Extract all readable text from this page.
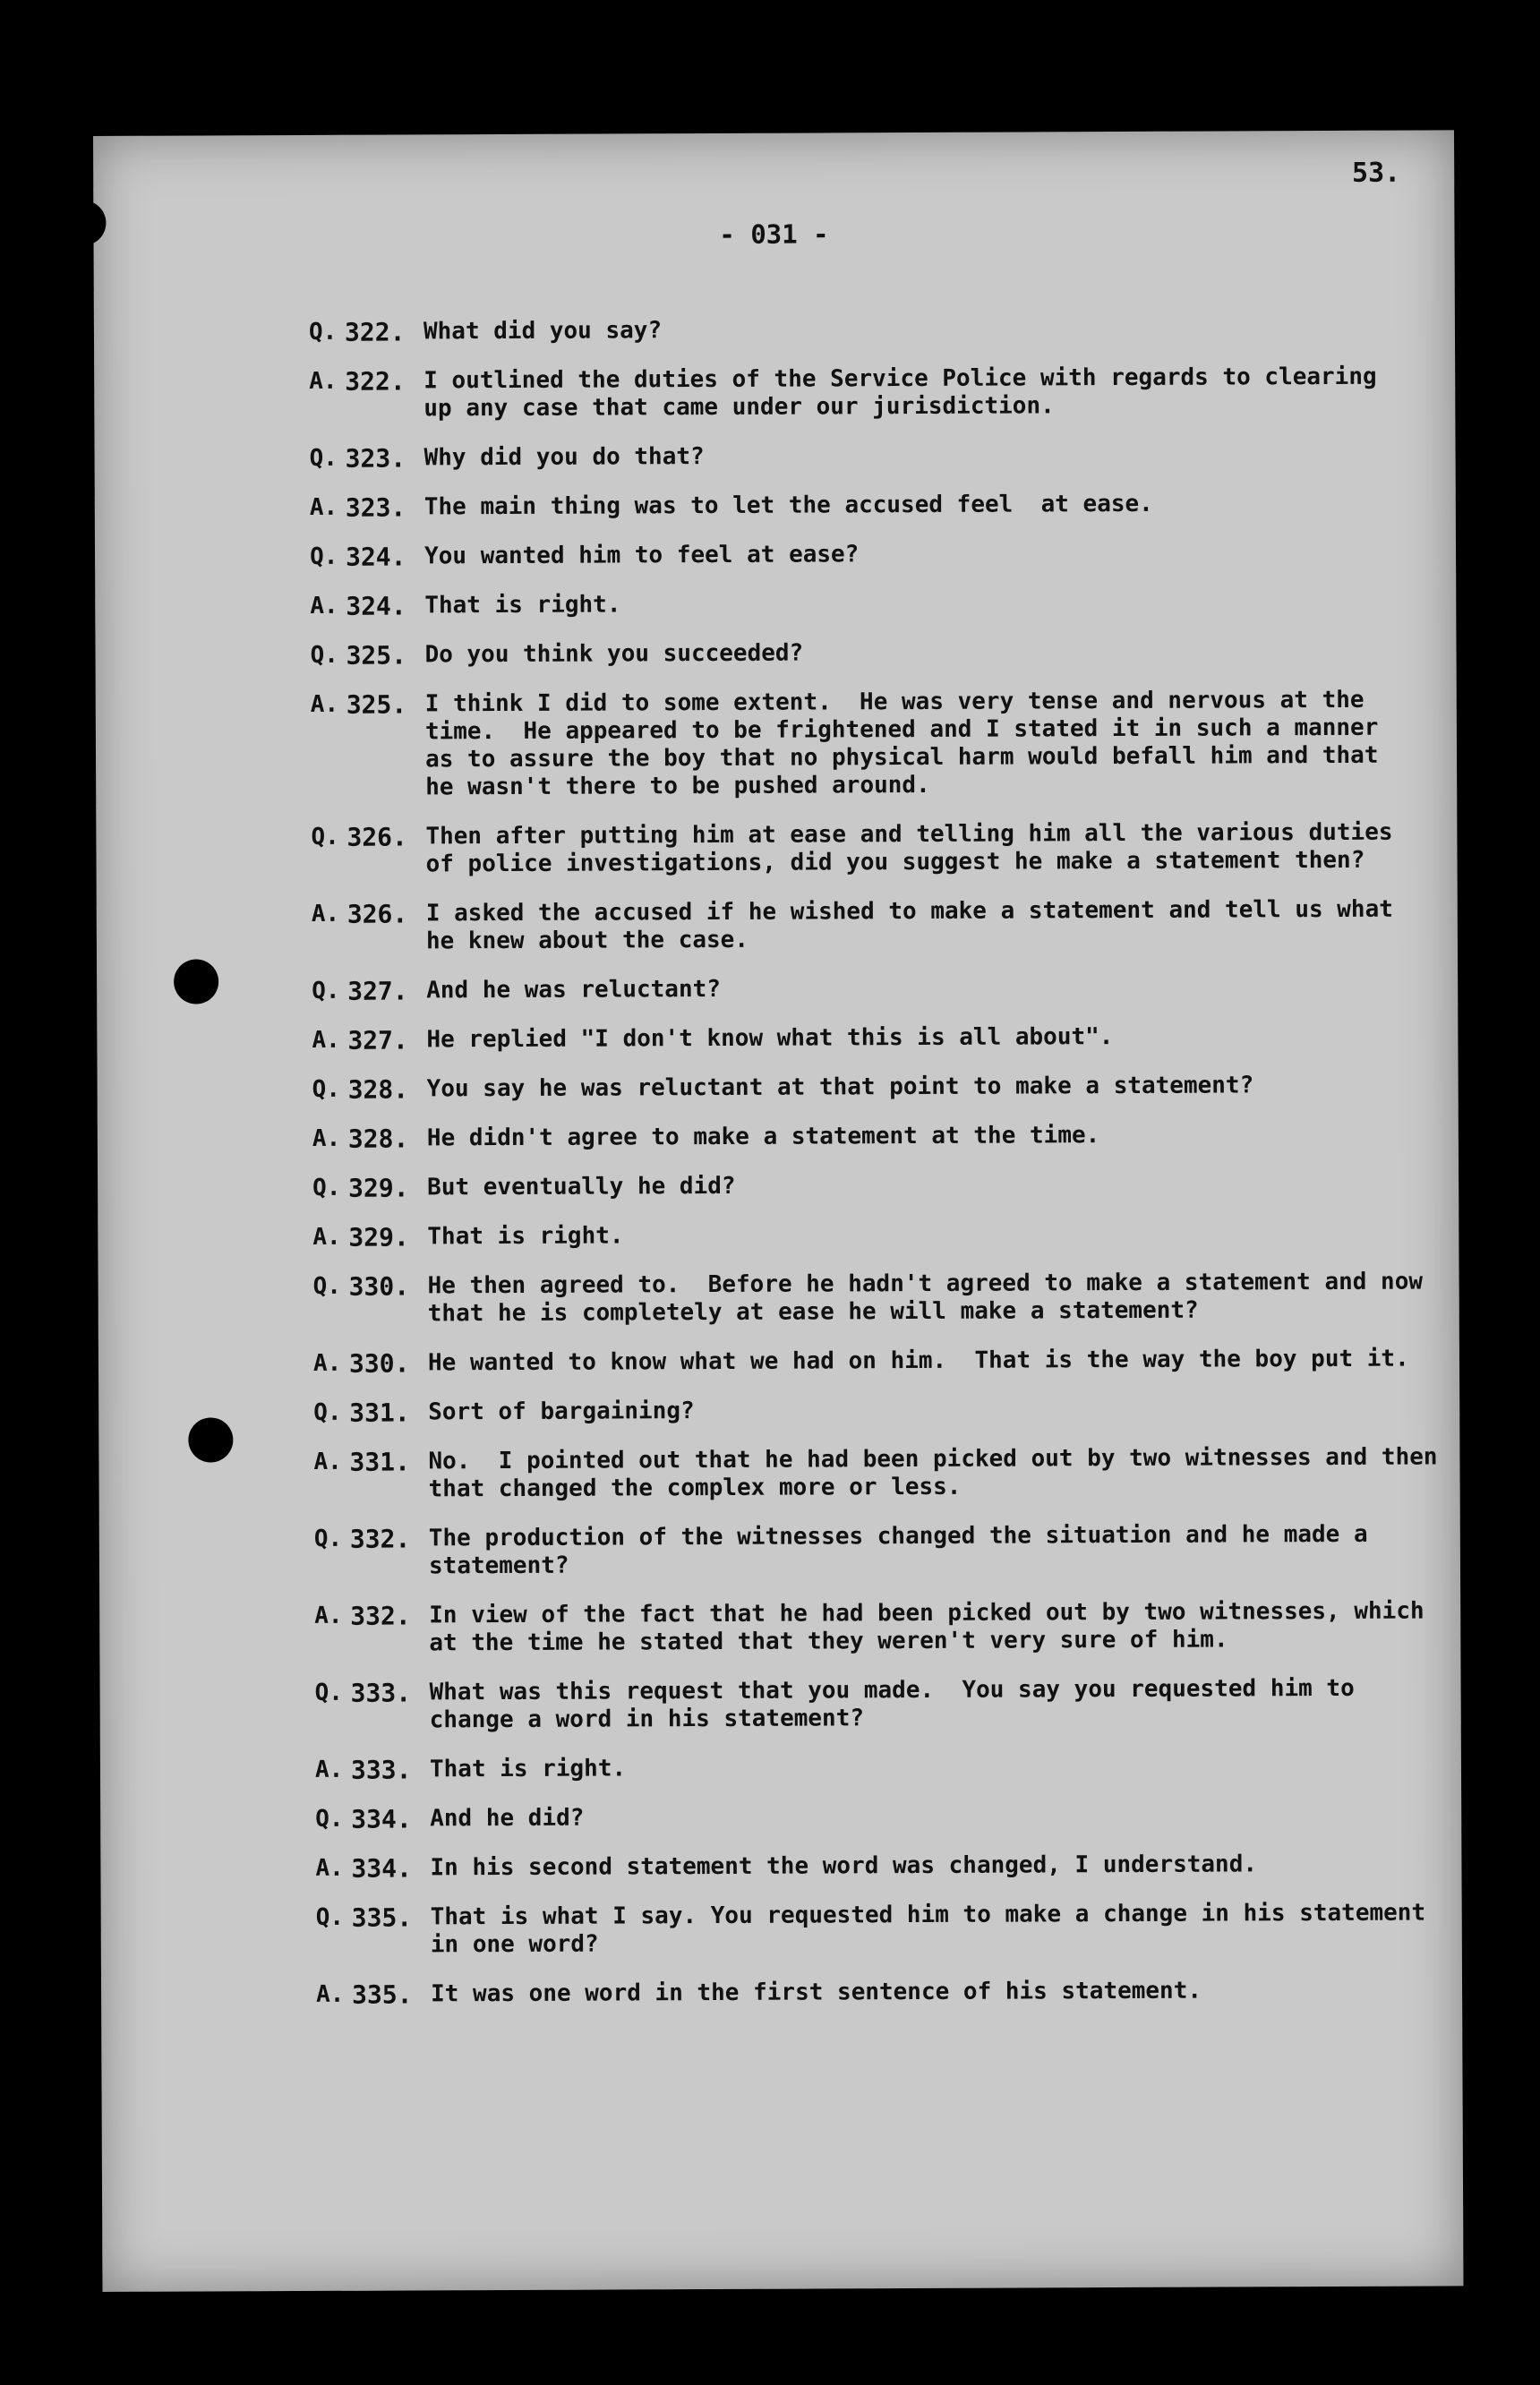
53.
- 031 -
Q. 322. What did you say?
A. 322. I outlined the duties of the Service Police with regards to clearing
up any case that came under our jurisdiction.
Q. 323. Why did you do that?
A. 323. The main thing was to let the accused feel  at ease.
Q. 324. You wanted him to feel at ease?
A. 324. That is right.
Q. 325. Do you think you succeeded?
A. 325. I think I did to some extent.  He was very tense and nervous at the
time.  He appeared to be frightened and I stated it in such a manner
as to assure the boy that no physical harm would befall him and that
he wasn't there to be pushed around.
Q. 326. Then after putting him at ease and telling him all the various duties
of police investigations, did you suggest he make a statement then?
A. 326. I asked the accused if he wished to make a statement and tell us what
he knew about the case.
Q. 327. And he was reluctant?
A. 327. He replied "I don't know what this is all about".
Q. 328. You say he was reluctant at that point to make a statement?
A. 328. He didn't agree to make a statement at the time.
Q. 329. But eventually he did?
A. 329. That is right.
Q. 330. He then agreed to.  Before he hadn't agreed to make a statement and now
that he is completely at ease he will make a statement?
A. 330. He wanted to know what we had on him.  That is the way the boy put it.
Q. 331. Sort of bargaining?
A. 331. No.  I pointed out that he had been picked out by two witnesses and then
that changed the complex more or less.
Q. 332. The production of the witnesses changed the situation and he made a
statement?
A. 332. In view of the fact that he had been picked out by two witnesses, which
at the time he stated that they weren't very sure of him.
Q. 333. What was this request that you made.  You say you requested him to
change a word in his statement?
A. 333. That is right.
Q. 334. And he did?
A. 334. In his second statement the word was changed, I understand.
Q. 335. That is what I say. You requested him to make a change in his statement
in one word?
A. 335. It was one word in the first sentence of his statement.
